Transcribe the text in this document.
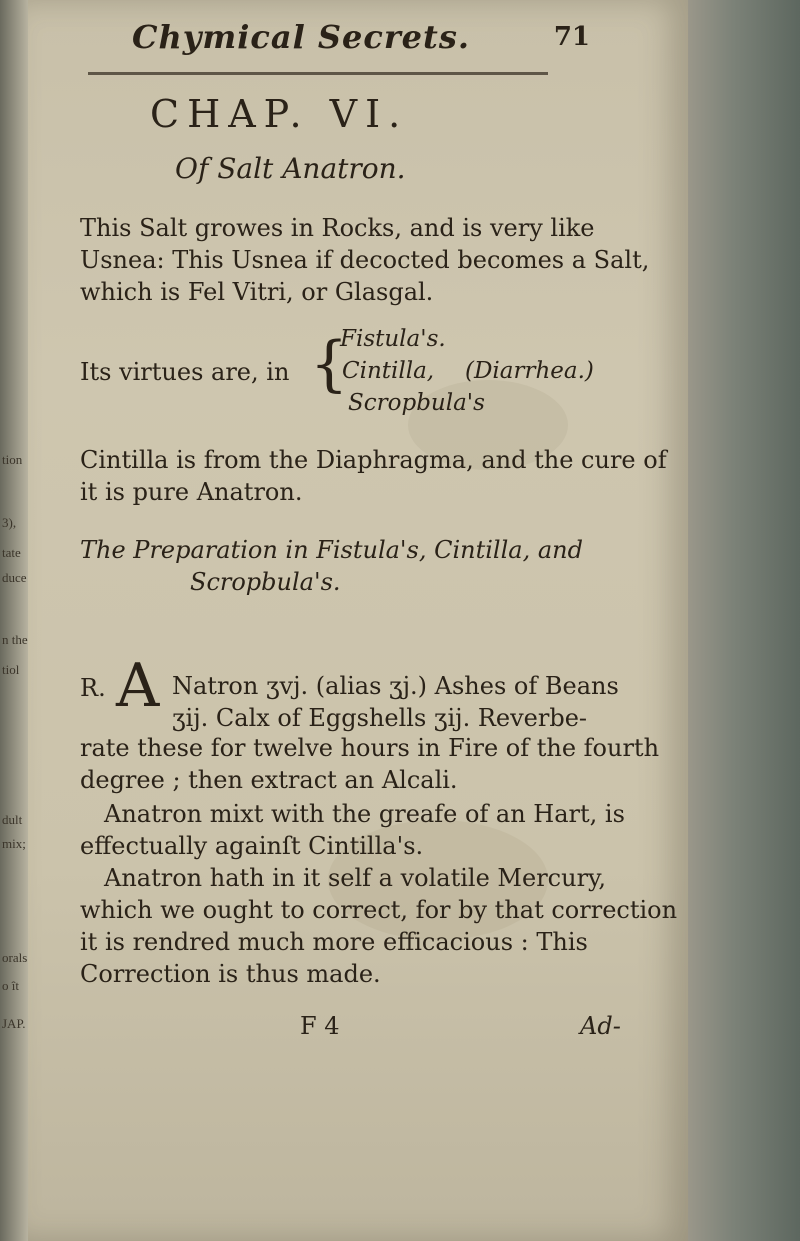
tion
3),
tate
duce
n the
tiol
dult
mix;
orals
o ît
JAP.
Chymical Secrets.	71
CHAP. VI.
Of Salt Anatron.

This Salt growes in Rocks, and is very like Usnea: This Usnea if decocted becomes a Salt, which is Fel Vitri, or Glasgal.

Its virtues are, in {
Fistula's.
Cintilla, (Diarrhea.)
Scropbula's

Cintilla is from the Diaphragma, and the cure of it is pure Anatron.

The Preparation in Fistula's, Cintilla, and
Scropbula's.

R. A Natron ʒvj. (alias ʒj.) Ashes of Beans
ʒij. Calx of Eggshells ʒij. Reverbe-

rate these for twelve hours in Fire of the fourth degree ; then extract an Alcali.

Anatron mixt with the greafe of an Hart, is effectually againſt Cintilla's.

Anatron hath in it self a volatile Mercury, which we ought to correct, for by that correction it is rendred much more efficacious : This Correction is thus made.

F 4	Ad-
